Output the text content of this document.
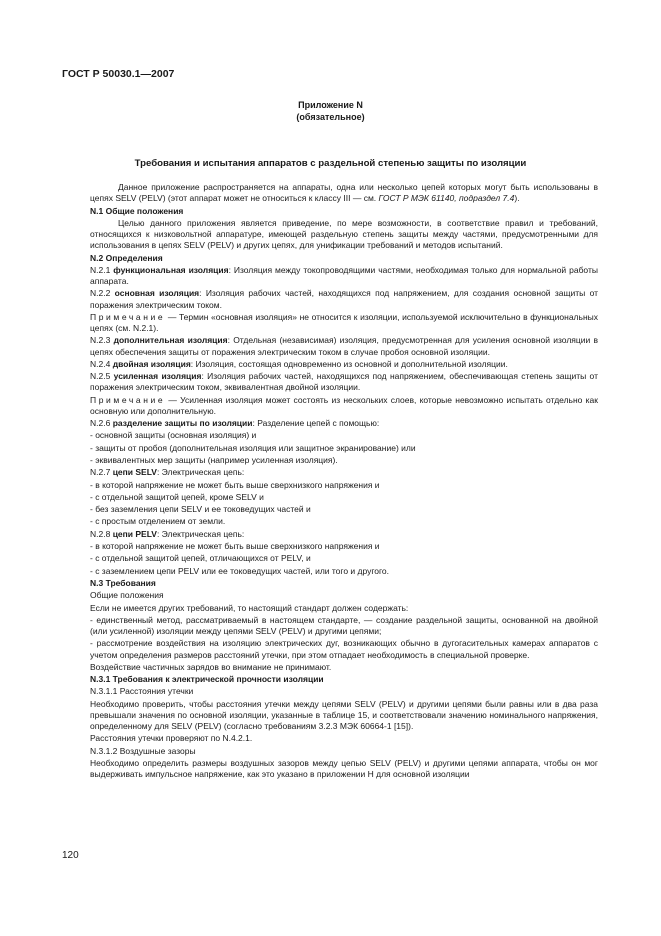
ГОСТ Р 50030.1—2007
Приложение N
(обязательное)
Требования и испытания аппаратов с раздельной степенью защиты по изоляции

Данное приложение распространяется на аппараты, одна или несколько цепей которых могут быть использованы в цепях SELV (PELV) (этот аппарат может не относиться к классу III — см. ГОСТ Р МЭК 61140, подраздел 7.4).

N.1 Общие положения

Целью данного приложения является приведение, по мере возможности, в соответствие правил и требований, относящихся к низковольтной аппаратуре, имеющей раздельную степень защиты между частями, предусмотренными для использования в цепях SELV (PELV) и других цепях, для унификации требований и методов испытаний.

N.2 Определения

N.2.1 функциональная изоляция: Изоляция между токопроводящими частями, необходимая только для нормальной работы аппарата.

N.2.2 основная изоляция: Изоляция рабочих частей, находящихся под напряжением, для создания основной защиты от поражения электрическим током.

Примечание — Термин «основная изоляция» не относится к изоляции, используемой исключительно в функциональных цепях (см. N.2.1).

N.2.3 дополнительная изоляция: Отдельная (независимая) изоляция, предусмотренная для усиления основной изоляции в цепях обеспечения защиты от поражения электрическим током в случае пробоя основной изоляции.

N.2.4 двойная изоляция: Изоляция, состоящая одновременно из основной и дополнительной изоляции.

N.2.5 усиленная изоляция: Изоляция рабочих частей, находящихся под напряжением, обеспечивающая степень защиты от поражения электрическим током, эквивалентная двойной изоляции.

Примечание — Усиленная изоляция может состоять из нескольких слоев, которые невозможно испытать отдельно как основную или дополнительную.

N.2.6 разделение защиты по изоляции: Разделение цепей с помощью:

- основной защиты (основная изоляция) и

- защиты от пробоя (дополнительная изоляция или защитное экранирование) или

- эквивалентных мер защиты (например усиленная изоляция).

N.2.7 цепи SELV: Электрическая цепь:

- в которой напряжение не может быть выше сверхнизкого напряжения и

- с отдельной защитой цепей, кроме SELV и

- без заземления цепи SELV и ее токоведущих частей и

- с простым отделением от земли.

N.2.8 цепи PELV: Электрическая цепь:

- в которой напряжение не может быть выше сверхнизкого напряжения и

- с отдельной защитой цепей, отличающихся от PELV, и

- с заземлением цепи PELV или ее токоведущих частей, или того и другого.

N.3 Требования

Общие положения

Если не имеется других требований, то настоящий стандарт должен содержать:

- единственный метод, рассматриваемый в настоящем стандарте, — создание раздельной защиты, основанной на двойной (или усиленной) изоляции между цепями SELV (PELV) и другими цепями;

- рассмотрение воздействия на изоляцию электрических дуг, возникающих обычно в дугогасительных камерах аппаратов с учетом определения размеров расстояний утечки, при этом отпадает необходимость в специальной проверке.

Воздействие частичных зарядов во внимание не принимают.

N.3.1 Требования к электрической прочности изоляции

N.3.1.1 Расстояния утечки

Необходимо проверить, чтобы расстояния утечки между цепями SELV (PELV) и другими цепями были равны или в два раза превышали значения по основной изоляции, указанные в таблице 15, и соответствовали значению номинального напряжения, определенному для SELV (PELV) (согласно требованиям 3.2.3 МЭК 60664-1 [15]).

Расстояния утечки проверяют по N.4.2.1.

N.3.1.2 Воздушные зазоры

Необходимо определить размеры воздушных зазоров между цепью SELV (PELV) и другими цепями аппарата, чтобы он мог выдерживать импульсное напряжение, как это указано в приложении Н для основной изоляции

120
